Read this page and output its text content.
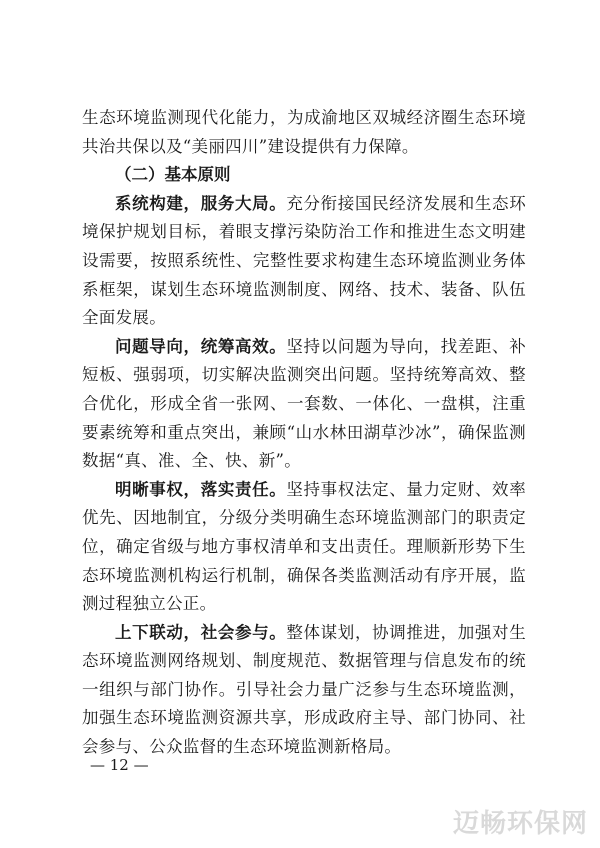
生态环境监测现代化能力，为成渝地区双城经济圈生态环境共治共保以及“美丽四川”建设提供有力保障。

（二）基本原则

系统构建，服务大局。充分衔接国民经济发展和生态环境保护规划目标，着眼支撑污染防治工作和推进生态文明建设需要，按照系统性、完整性要求构建生态环境监测业务体系框架，谋划生态环境监测制度、网络、技术、装备、队伍全面发展。

问题导向，统筹高效。坚持以问题为导向，找差距、补短板、强弱项，切实解决监测突出问题。坚持统筹高效、整合优化，形成全省一张网、一套数、一体化、一盘棋，注重要素统筹和重点突出，兼顾“山水林田湖草沙冰”，确保监测数据“真、准、全、快、新”。

明晰事权，落实责任。坚持事权法定、量力定财、效率优先、因地制宜，分级分类明确生态环境监测部门的职责定位，确定省级与地方事权清单和支出责任。理顺新形势下生态环境监测机构运行机制，确保各类监测活动有序开展，监测过程独立公正。

上下联动，社会参与。整体谋划，协调推进，加强对生态环境监测网络规划、制度规范、数据管理与信息发布的统一组织与部门协作。引导社会力量广泛参与生态环境监测，加强生态环境监测资源共享，形成政府主导、部门协同、社会参与、公众监督的生态环境监测新格局。

— 12 —
迈畅环保网
